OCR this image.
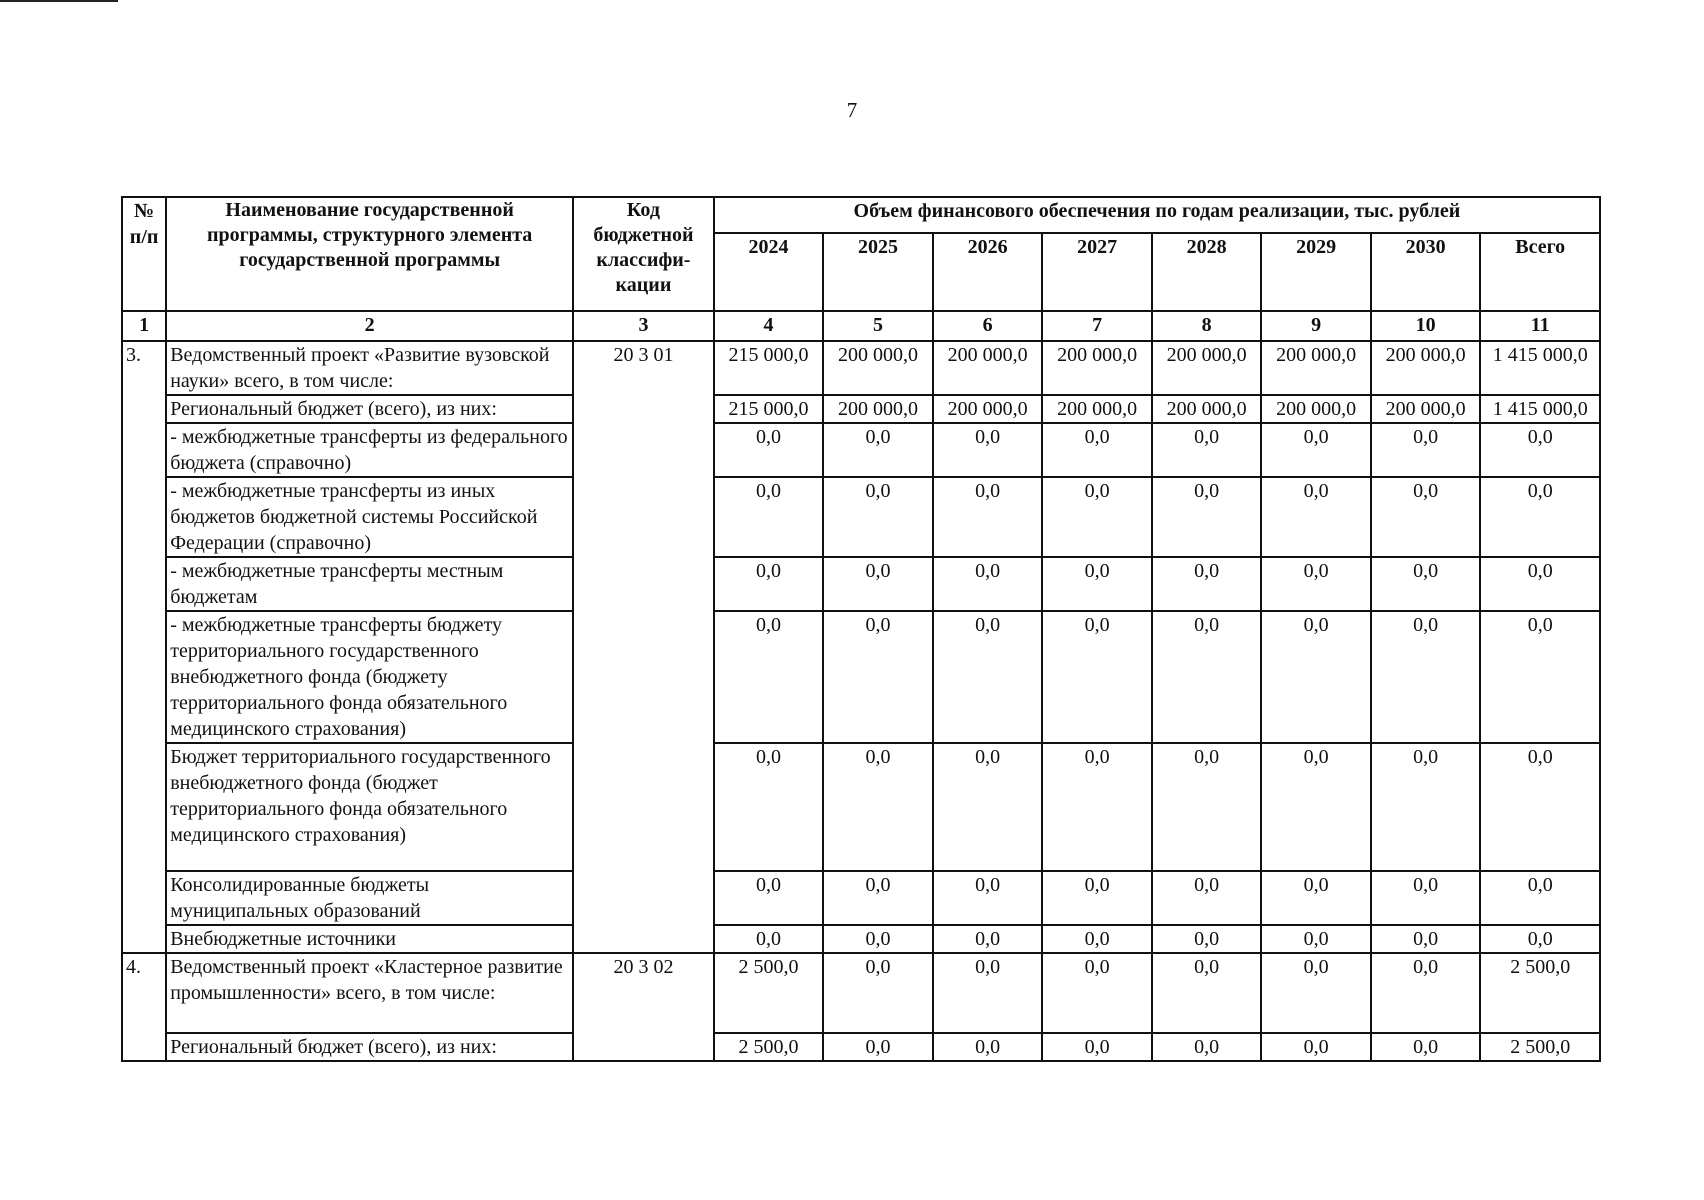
7
№ п/п	Наименование государственной программы, структурного элемента государственной программы	Код бюджетной классифи-кации	Объем финансового обеспечения по годам реализации, тыс. рублей							
			2024	2025	2026	2027	2028	2029	2030	Всего
1	2	3	4	5	6	7	8	9	10	11
3.	Ведомственный проект «Развитие вузовской науки» всего, в том числе:	20 3 01	215 000,0	200 000,0	200 000,0	200 000,0	200 000,0	200 000,0	200 000,0	1 415 000,0
	Региональный бюджет (всего), из них:		215 000,0	200 000,0	200 000,0	200 000,0	200 000,0	200 000,0	200 000,0	1 415 000,0
	- межбюджетные трансферты из федерального бюджета (справочно)		0,0	0,0	0,0	0,0	0,0	0,0	0,0	0,0
	- межбюджетные трансферты из иных бюджетов бюджетной системы Российской Федерации (справочно)		0,0	0,0	0,0	0,0	0,0	0,0	0,0	0,0
	- межбюджетные трансферты местным бюджетам		0,0	0,0	0,0	0,0	0,0	0,0	0,0	0,0
	- межбюджетные трансферты бюджету территориального государственного внебюджетного фонда (бюджету территориального фонда обязательного медицинского страхования)		0,0	0,0	0,0	0,0	0,0	0,0	0,0	0,0
	Бюджет территориального государственного внебюджетного фонда (бюджет территориального фонда обязательного медицинского страхования)		0,0	0,0	0,0	0,0	0,0	0,0	0,0	0,0
	Консолидированные бюджеты муниципальных образований		0,0	0,0	0,0	0,0	0,0	0,0	0,0	0,0
	Внебюджетные источники		0,0	0,0	0,0	0,0	0,0	0,0	0,0	0,0
4.	Ведомственный проект «Кластерное развитие промышленности» всего, в том числе:	20 3 02	2 500,0	0,0	0,0	0,0	0,0	0,0	0,0	2 500,0
	Региональный бюджет (всего), из них:		2 500,0	0,0	0,0	0,0	0,0	0,0	0,0	2 500,0
